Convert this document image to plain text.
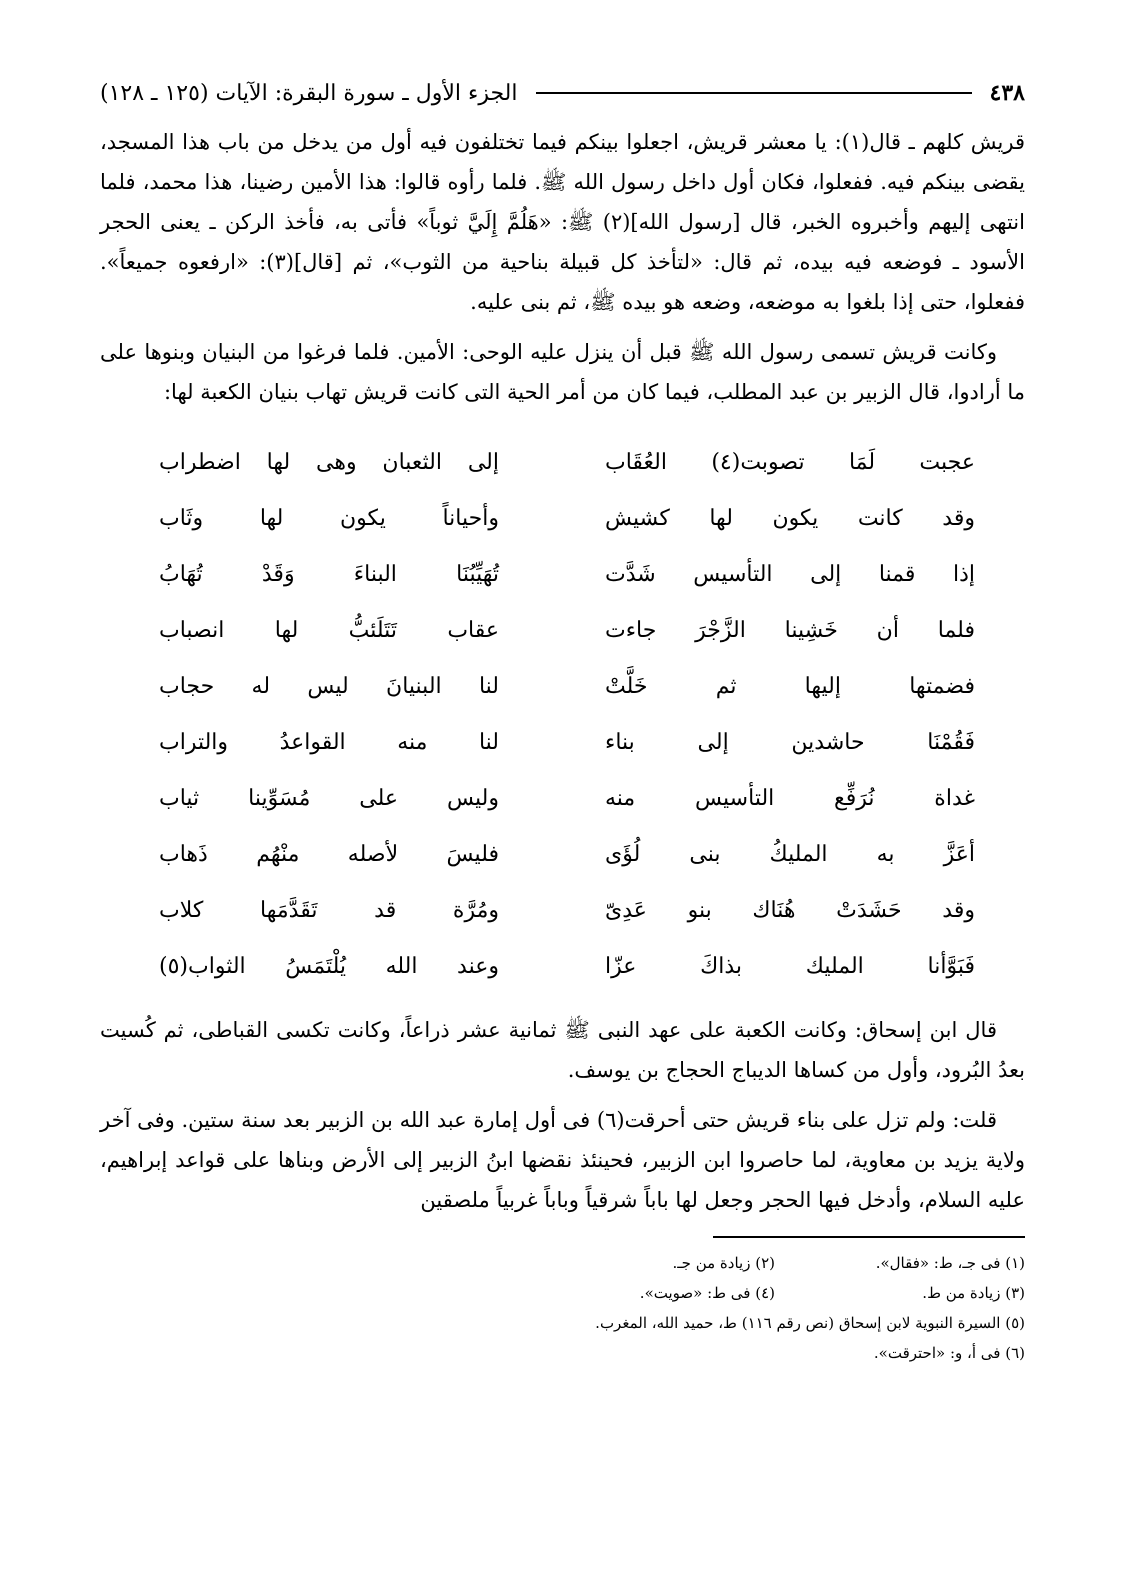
٤٣٨
الجزء الأول ـ سورة البقرة: الآيات (١٢٥ ـ ١٢٨)

قريش كلهم ـ قال(١): يا معشر قريش، اجعلوا بينكم فيما تختلفون فيه أول من يدخل من باب هذا المسجد، يقضى بينكم فيه. ففعلوا، فكان أول داخل رسول الله ﷺ. فلما رأوه قالوا: هذا الأمين رضينا، هذا محمد، فلما انتهى إليهم وأخبروه الخبر، قال [رسول الله](٢) ﷺ: «هَلُمَّ إِلَيَّ ثوباً» فأتى به، فأخذ الركن ـ يعنى الحجر الأسود ـ فوضعه فيه بيده، ثم قال: «لتأخذ كل قبيلة بناحية من الثوب»، ثم [قال](٣): «ارفعوه جميعاً». ففعلوا، حتى إذا بلغوا به موضعه، وضعه هو بيده ﷺ، ثم بنى عليه.

وكانت قريش تسمى رسول الله ﷺ قبل أن ينزل عليه الوحى: الأمين. فلما فرغوا من البنيان وبنوها على ما أرادوا، قال الزبير بن عبد المطلب، فيما كان من أمر الحية التى كانت قريش تهاب بنيان الكعبة لها:

عجبت لَمَا تصوبت(٤) العُقَاب
إلى الثعبان وهى لها اضطراب
وقد كانت يكون لها كشيش
وأحياناً يكون لها وثَاب
إذا قمنا إلى التأسيس شَدَّت
تُهَيِّبُنَا البناءَ وَقَدْ تُهَابُ
فلما أن خَشِينا الزَّجْرَ جاءت
عقاب تَتَلَئبُّ لها انصباب
فضمتها إليها ثم خَلَّتْ
لنا البنيانَ ليس له حجاب
فَقُمْنَا حاشدين إلى بناء
لنا منه القواعدُ والتراب
غداة نُرَفِّع التأسيس منه
وليس على مُسَوِّينا ثياب
أعَزَّ به المليكُ بنى لُؤَى
فليسَ لأصله منْهُم ذَهاب
وقد حَشَدَتْ هُنَاك بنو عَدِىّ
ومُرَّة قد تَقَدَّمَها كلاب
فَبَوَّأنا المليك بذاكَ عزّا
وعند الله يُلْتَمَسُ الثواب(٥)

قال ابن إسحاق: وكانت الكعبة على عهد النبى ﷺ ثمانية عشر ذراعاً، وكانت تكسى القباطى، ثم كُسيت بعدُ البُرود، وأول من كساها الديباج الحجاج بن يوسف.

قلت: ولم تزل على بناء قريش حتى أحرقت(٦) فى أول إمارة عبد الله بن الزبير بعد سنة ستين. وفى آخر ولاية يزيد بن معاوية، لما حاصروا ابن الزبير، فحينئذ نقضها ابنُ الزبير إلى الأرض وبناها على قواعد إبراهيم، عليه السلام، وأدخل فيها الحجر وجعل لها باباً شرقياً وباباً غربياً ملصقين

(١) فى جـ، ط: «فقال».
(٢) زيادة من جـ.
(٣) زيادة من ط.
(٤) فى ط: «صويت».
(٥) السيرة النبوية لابن إسحاق (نص رقم ١١٦) ط، حميد الله، المغرب.
(٦) فى أ، و: «احترقت».
